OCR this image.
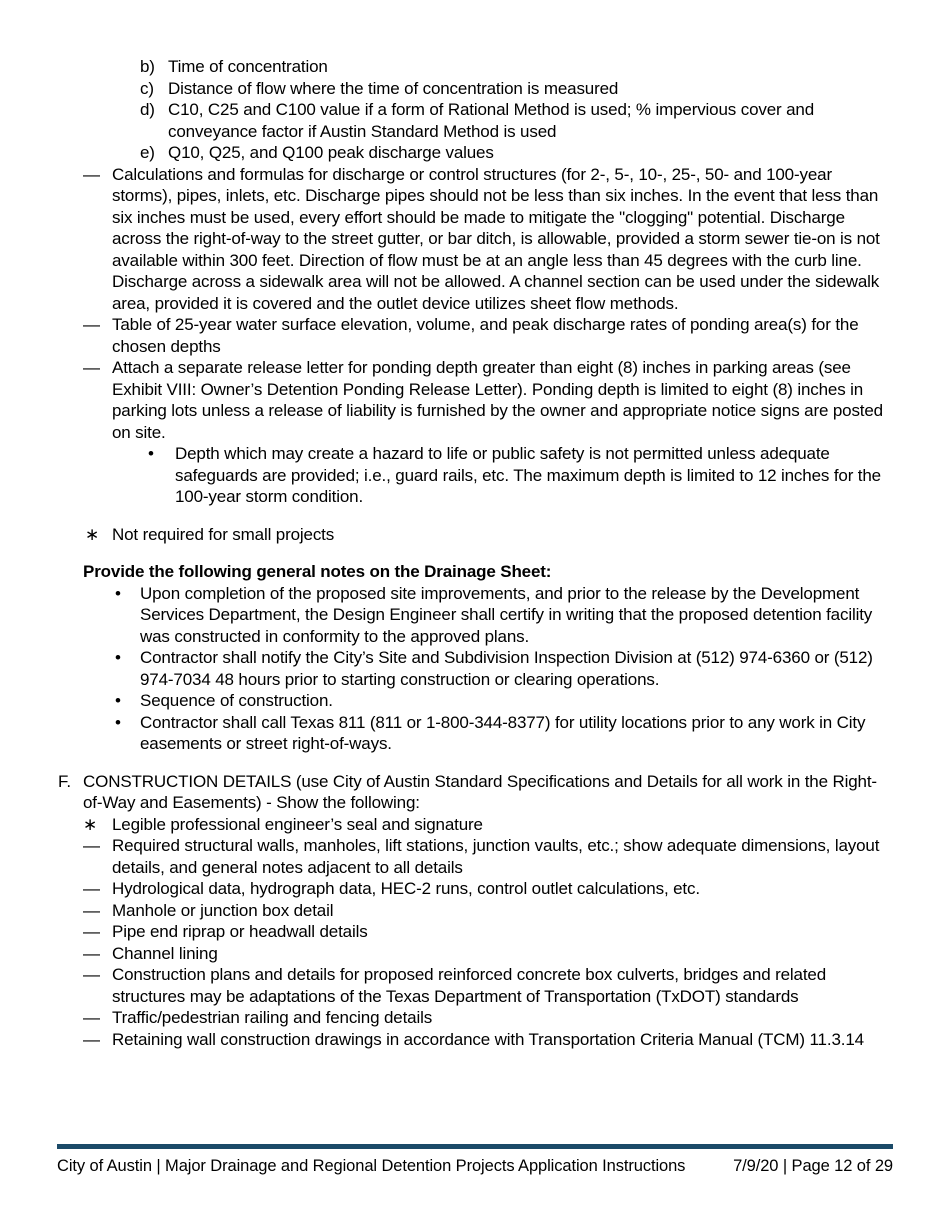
b) Time of concentration
c) Distance of flow where the time of concentration is measured
d) C10, C25 and C100 value if a form of Rational Method is used; % impervious cover and conveyance factor if Austin Standard Method is used
e) Q10, Q25, and Q100 peak discharge values
— Calculations and formulas for discharge or control structures (for 2-, 5-, 10-, 25-, 50- and 100-year storms), pipes, inlets, etc. Discharge pipes should not be less than six inches. In the event that less than six inches must be used, every effort should be made to mitigate the "clogging" potential. Discharge across the right-of-way to the street gutter, or bar ditch, is allowable, provided a storm sewer tie-on is not available within 300 feet. Direction of flow must be at an angle less than 45 degrees with the curb line. Discharge across a sidewalk area will not be allowed. A channel section can be used under the sidewalk area, provided it is covered and the outlet device utilizes sheet flow methods.
— Table of 25-year water surface elevation, volume, and peak discharge rates of ponding area(s) for the chosen depths
— Attach a separate release letter for ponding depth greater than eight (8) inches in parking areas (see Exhibit VIII: Owner’s Detention Ponding Release Letter). Ponding depth is limited to eight (8) inches in parking lots unless a release of liability is furnished by the owner and appropriate notice signs are posted on site.
•	Depth which may create a hazard to life or public safety is not permitted unless adequate safeguards are provided; i.e., guard rails, etc. The maximum depth is limited to 12 inches for the 100-year storm condition.
∗ Not required for small projects
Provide the following general notes on the Drainage Sheet:
•	Upon completion of the proposed site improvements, and prior to the release by the Development Services Department, the Design Engineer shall certify in writing that the proposed detention facility was constructed in conformity to the approved plans.
•	Contractor shall notify the City’s Site and Subdivision Inspection Division at (512) 974-6360 or (512) 974-7034 48 hours prior to starting construction or clearing operations.
•	Sequence of construction.
•	Contractor shall call Texas 811 (811 or 1-800-344-8377) for utility locations prior to any work in City easements or street right-of-ways.
F. CONSTRUCTION DETAILS (use City of Austin Standard Specifications and Details for all work in the Right-of-Way and Easements) - Show the following:
∗ Legible professional engineer’s seal and signature
— Required structural walls, manholes, lift stations, junction vaults, etc.; show adequate dimensions, layout details, and general notes adjacent to all details
— Hydrological data, hydrograph data, HEC-2 runs, control outlet calculations, etc.
— Manhole or junction box detail
— Pipe end riprap or headwall details
— Channel lining
— Construction plans and details for proposed reinforced concrete box culverts, bridges and related structures may be adaptations of the Texas Department of Transportation (TxDOT) standards
— Traffic/pedestrian railing and fencing details
— Retaining wall construction drawings in accordance with Transportation Criteria Manual (TCM) 11.3.14
City of Austin | Major Drainage and Regional Detention Projects Application Instructions	7/9/20 | Page 12 of 29
